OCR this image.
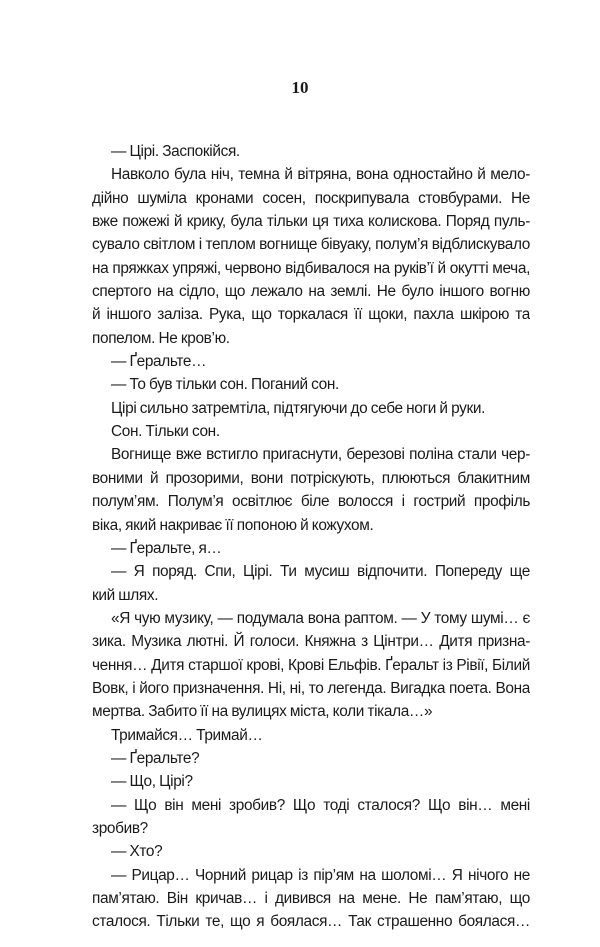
10
— Цірі. Заспокійся.
Навколо була ніч, темна й вітряна, вона одностайно й мело-
дійно шуміла кронами сосен, поскрипувала стовбурами. Не
вже пожежі й крику, була тільки ця тиха колискова. Поряд пуль-
сувало світлом і теплом вогнище бівуаку, полум’я відблискувало
на пряжках упряжі, червоно відбивалося на руків’ї й окутті меча,
спертого на сідло, що лежало на землі. Не було іншого вогню
й іншого заліза. Рука, що торкалася її щоки, пахла шкірою та
попелом. Не кров’ю.
— Ґеральте…
— То був тільки сон. Поганий сон.
Цірі сильно затремтіла, підтягуючи до себе ноги й руки.
Сон. Тільки сон.
Вогнище вже встигло пригаснути, березові поліна стали чер-
воними й прозорими, вони потріскують, плюються блакитним
полум’ям. Полум’я освітлює біле волосся і гострий профіль
віка, який накриває її попоною й кожухом.
— Ґеральте, я…
— Я поряд. Спи, Цірі. Ти мусиш відпочити. Попереду ще
кий шлях.
«Я чую музику, — подумала вона раптом. — У тому шумі… є
зика. Музика лютні. Й голоси. Княжна з Цінтри… Дитя призна-
чення… Дитя старшої крові, Крові Ельфів. Ґеральт із Рівії, Білий
Вовк, і його призначення. Ні, ні, то легенда. Вигадка поета. Вона
мертва. Забито її на вулицях міста, коли тікала…»
Тримайся… Тримай…
— Ґеральте?
— Що, Цірі?
— Що він мені зробив? Що тоді сталося? Що він… мені
зробив?
— Хто?
— Рицар… Чорний рицар із пір’ям на шоломі… Я нічого не
пам’ятаю. Він кричав… і дивився на мене. Не пам’ятаю, що
сталося. Тільки те, що я боялася… Так страшенно боялася…
